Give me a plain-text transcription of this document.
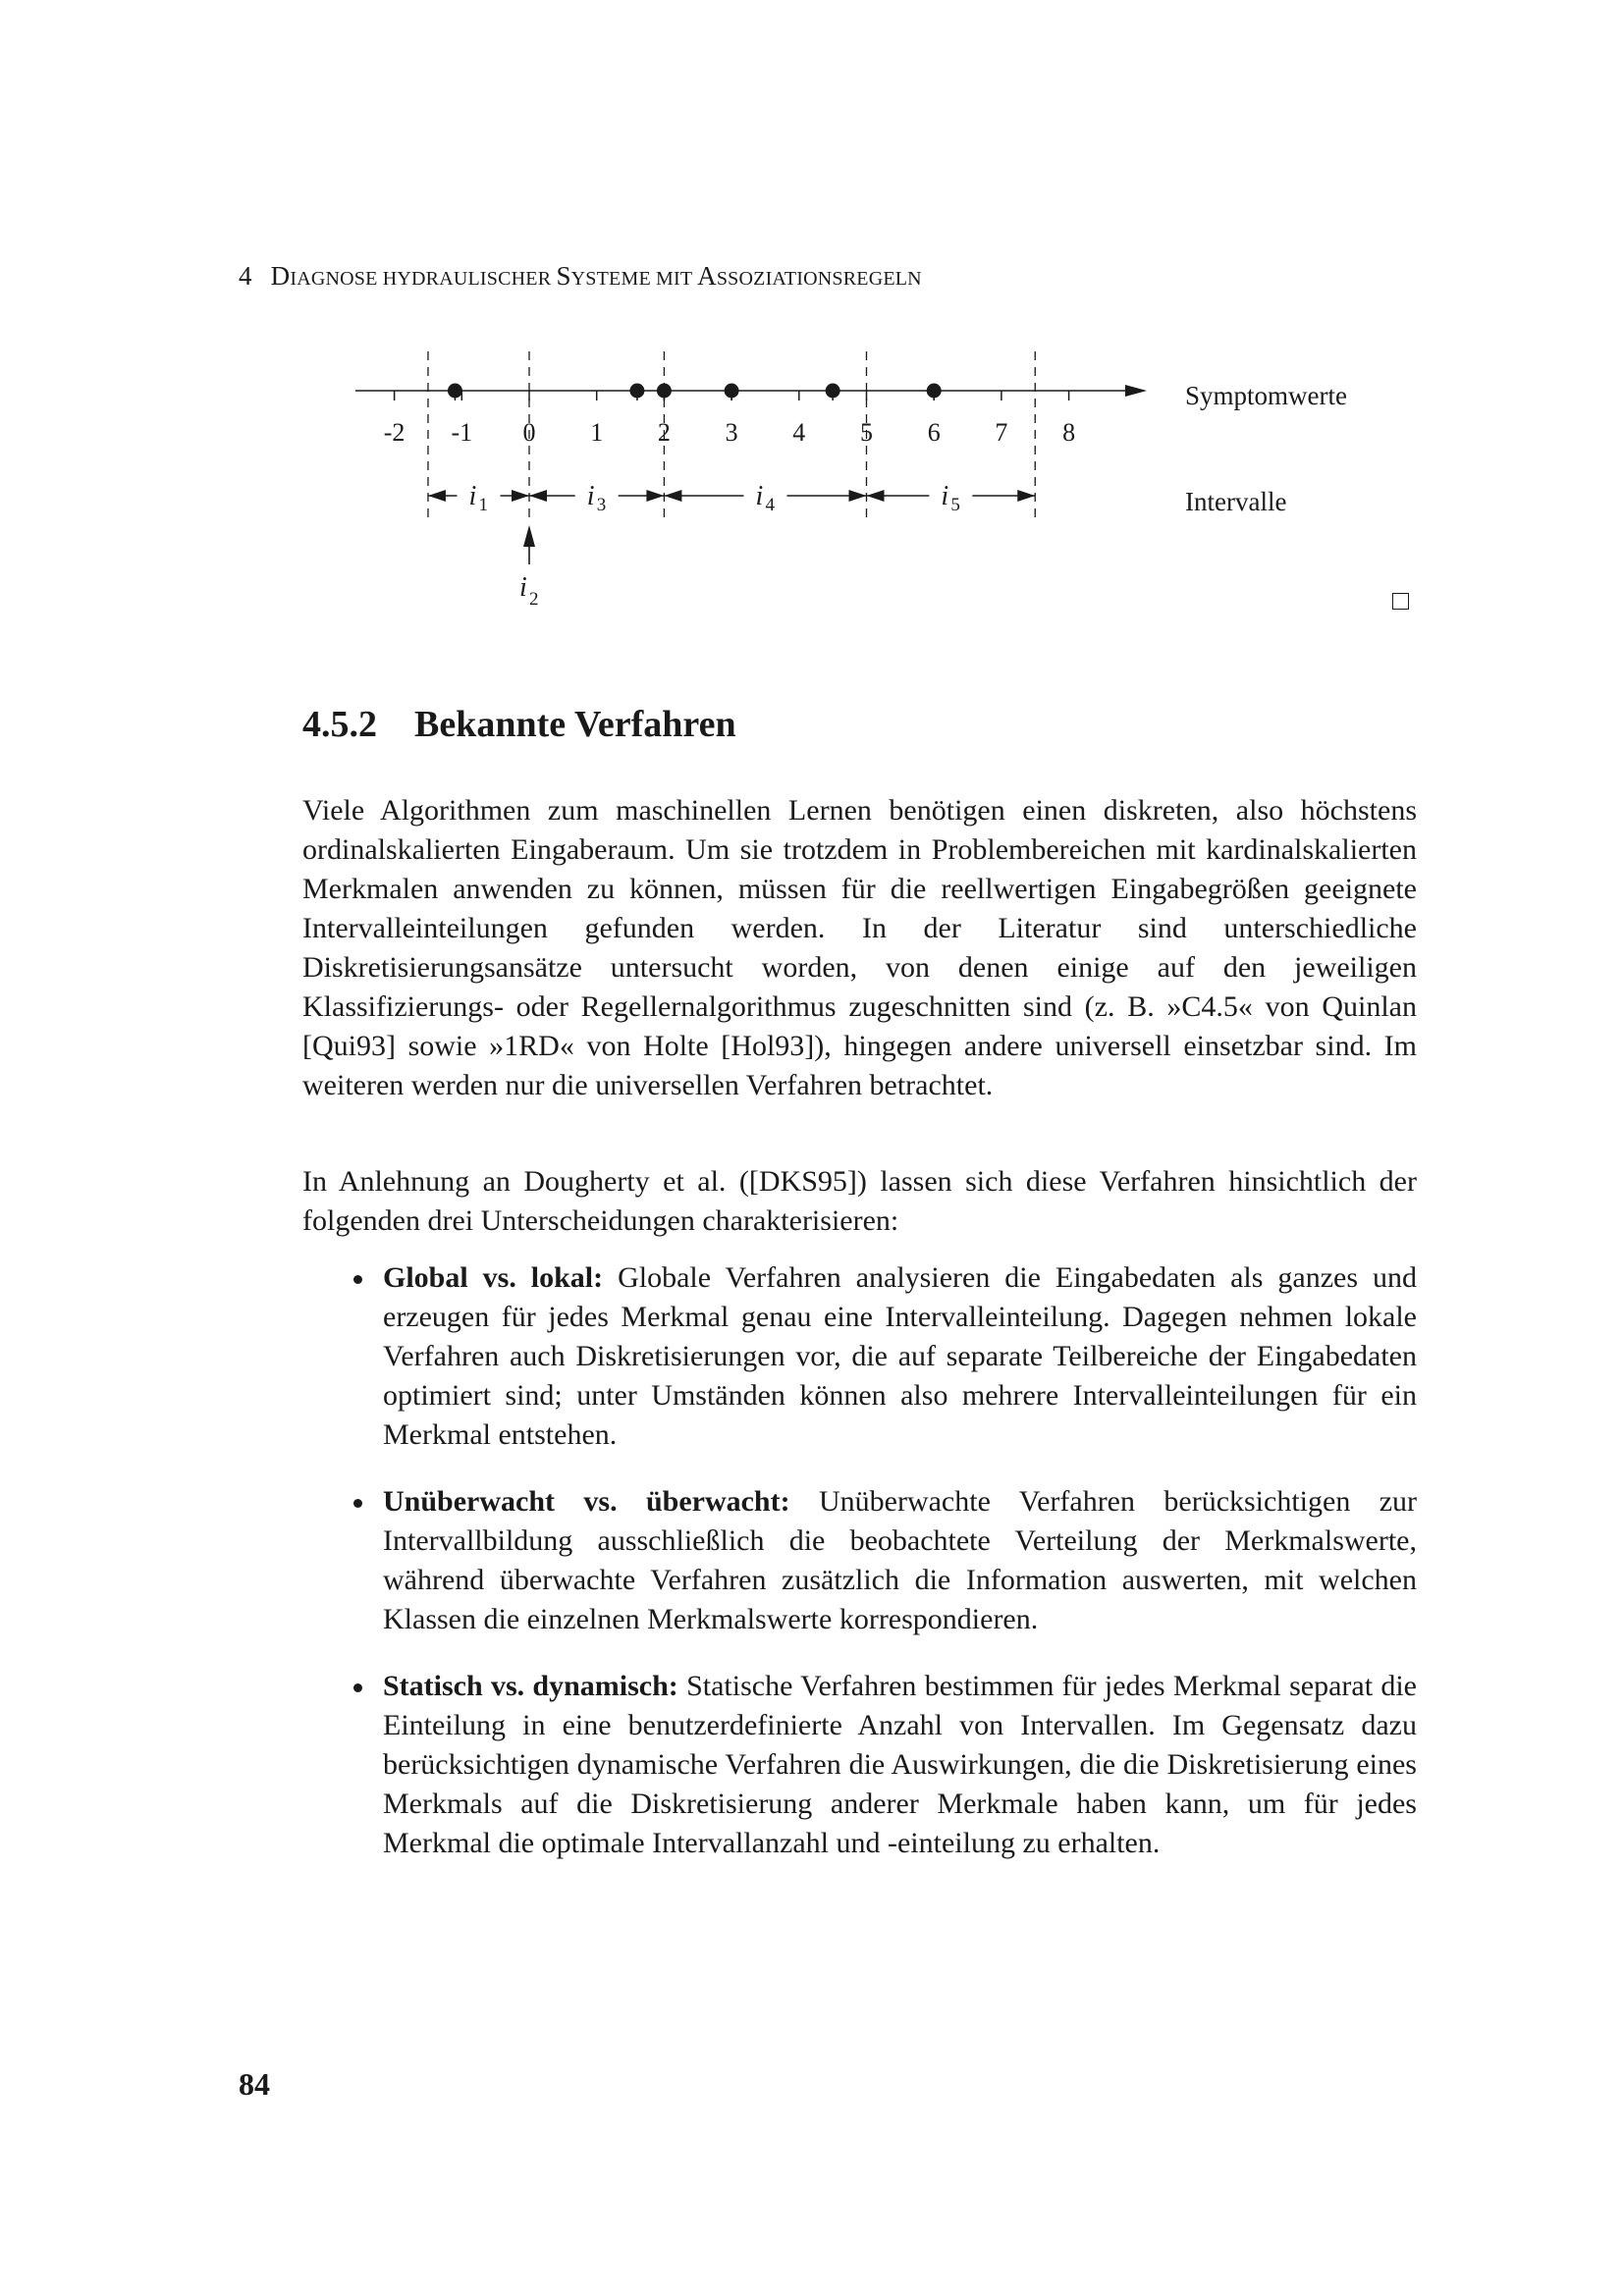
4 DIAGNOSE HYDRAULISCHER SYSTEME MIT ASSOZIATIONSREGELN
-2 -1 0 1 2 3 4 5 6 7 8
Symptomwerte
Intervalle
i 1	i 3	i 4	i 5
i 2
4.5.2 Bekannte Verfahren

Viele Algorithmen zum maschinellen Lernen benötigen einen diskreten, also höchstens ordinalskalierten Eingaberaum. Um sie trotzdem in Problembereichen mit kardinalskalierten Merkmalen anwenden zu können, müssen für die reellwertigen Eingabegrößen geeignete Intervalleinteilungen gefunden werden. In der Literatur sind unterschiedliche Diskretisierungsansätze untersucht worden, von denen einige auf den jeweiligen Klassifizierungs- oder Regellernalgorithmus zugeschnitten sind (z. B. »C4.5« von Quinlan [Qui93] sowie »1RD« von Holte [Hol93]), hingegen andere universell einsetzbar sind. Im weiteren werden nur die universellen Verfahren betrachtet.

In Anlehnung an Dougherty et al. ([DKS95]) lassen sich diese Verfahren hinsichtlich der folgenden drei Unterscheidungen charakterisieren:

Global vs. lokal: Globale Verfahren analysieren die Eingabedaten als ganzes und erzeugen für jedes Merkmal genau eine Intervalleinteilung. Dagegen nehmen lokale Verfahren auch Diskretisierungen vor, die auf separate Teilbereiche der Eingabedaten optimiert sind; unter Umständen können also mehrere Intervalleinteilungen für ein Merkmal entstehen.
Unüberwacht vs. überwacht: Unüberwachte Verfahren berücksichtigen zur Intervallbildung ausschließlich die beobachtete Verteilung der Merkmalswerte, während überwachte Verfahren zusätzlich die Information auswerten, mit welchen Klassen die einzelnen Merkmalswerte korrespondieren.
Statisch vs. dynamisch: Statische Verfahren bestimmen für jedes Merkmal separat die Einteilung in eine benutzerdefinierte Anzahl von Intervallen. Im Gegensatz dazu berücksichtigen dynamische Verfahren die Auswirkungen, die die Diskretisierung eines Merkmals auf die Diskretisierung anderer Merkmale haben kann, um für jedes Merkmal die optimale Intervallanzahl und -einteilung zu erhalten.
84
